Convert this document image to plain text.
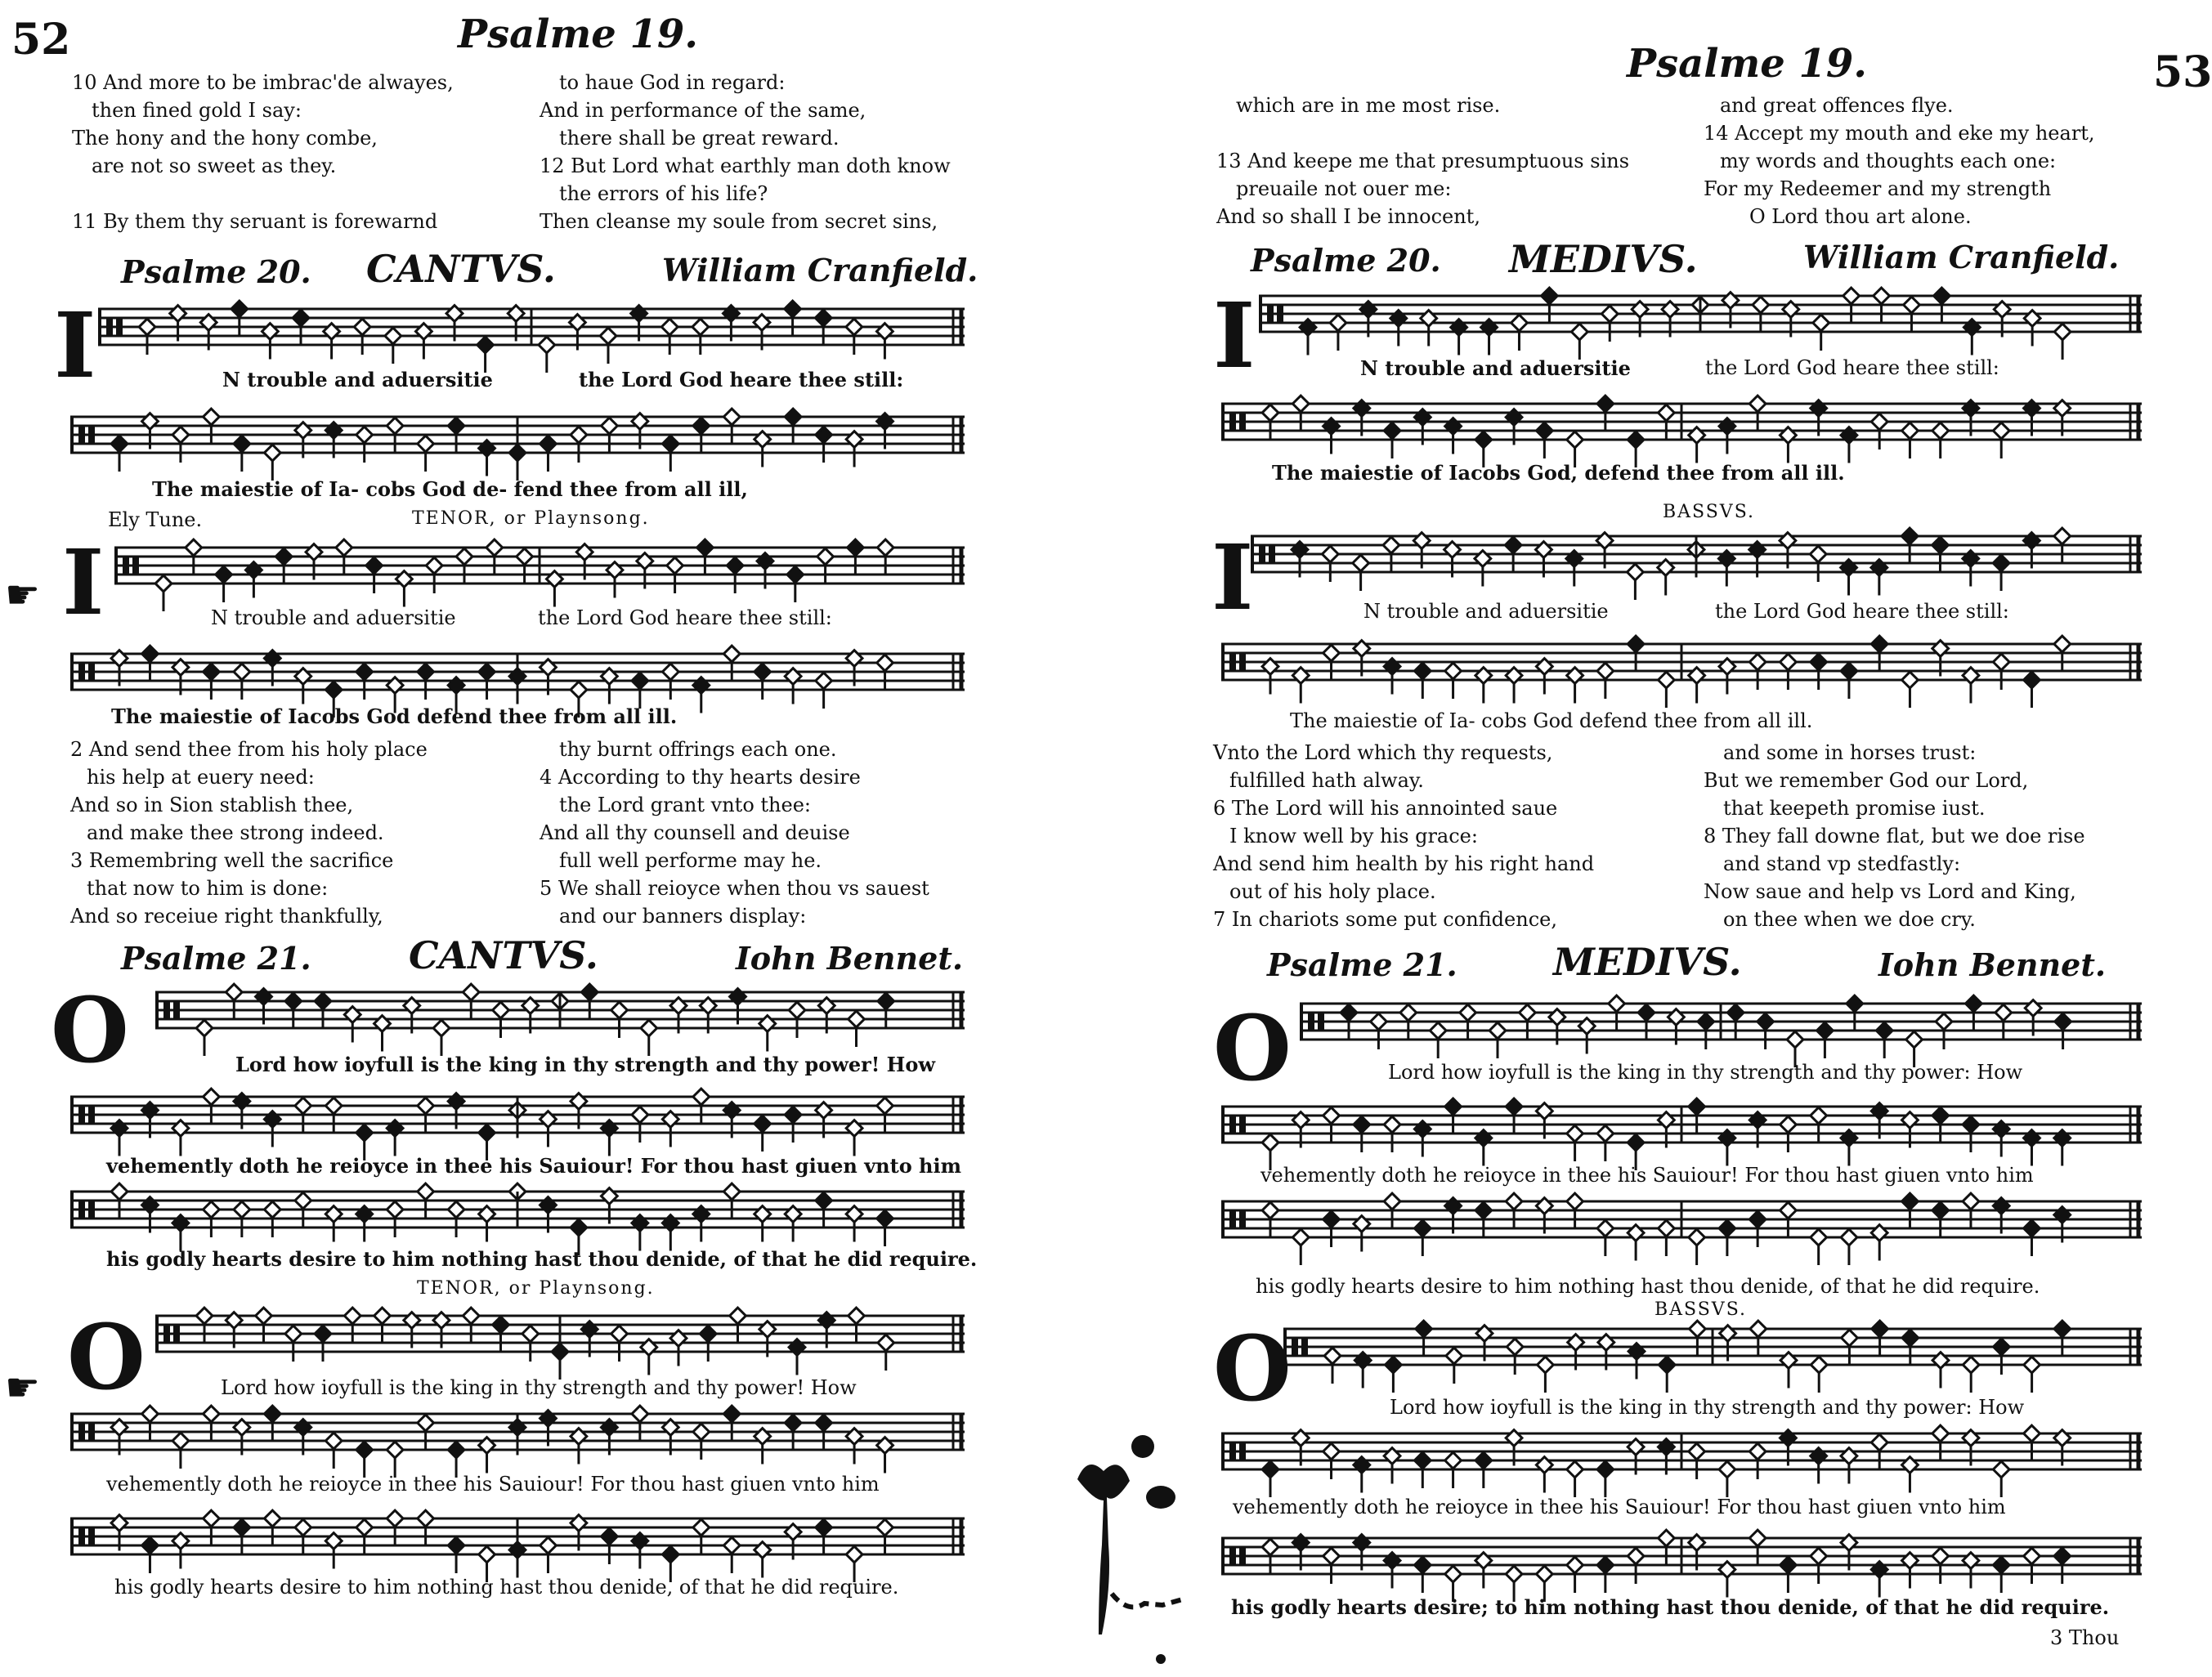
52	Psalme 19.
10 And more to be imbrac'de alwayes,
then fined gold I say:
The hony and the hony combe,
are not so sweet as they.
11 By them thy seruant is forewarnd
to haue God in regard:
And in performance of the same,
there shall be great reward.
12 But Lord what earthly man doth know
the errors of his life?
Then cleanse my soule from secret sins,
Psalme 20. CANTVS.	William Cranfield.
I	N trouble and aduersitie	the Lord God heare thee still:
The maiestie of Ia- cobs God de- fend thee from all ill,
Ely Tune.	TENOR, or Playnsong.
☛ I	N trouble and aduersitie	the Lord God heare thee still:
The maiestie of Iacobs God defend thee from all ill.
2 And send thee from his holy place
his help at euery need:
And so in Sion stablish thee,
and make thee strong indeed.
3 Remembring well the sacrifice
that now to him is done:
And so receiue right thankfully,
thy burnt offrings each one.
4 According to thy hearts desire
the Lord grant vnto thee:
And all thy counsell and deuise
full well performe may he.
5 We shall reioyce when thou vs sauest
and our banners display:
Psalme 21.	CANTVS.	Iohn Bennet.
O	Lord how ioyfull is the king in thy strength and thy power! How
vehemently doth he reioyce in thee his Sauiour! For thou hast giuen vnto him
his godly hearts desire to him nothing hast thou denide, of that he did require.
TENOR, or Playnsong.
☛ O	Lord how ioyfull is the king in thy strength and thy power! How
vehemently doth he reioyce in thee his Sauiour! For thou hast giuen vnto him
his godly hearts desire to him nothing hast thou denide, of that he did require.
53
Psalme 19.
which are in me most rise.
13 And keepe me that presumptuous sins
preuaile not ouer me:
And so shall I be innocent,
and great offences flye.
14 Accept my mouth and eke my heart,
my words and thoughts each one:
For my Redeemer and my strength
O Lord thou art alone.
Psalme 20. MEDIVS.	William Cranfield.
I	N trouble and aduersitie	the Lord God heare thee still:
The maiestie of Iacobs God, defend thee from all ill.
BASSVS.
I	N trouble and aduersitie	the Lord God heare thee still:
The maiestie of Ia- cobs God defend thee from all ill.
Vnto the Lord which thy requests,
fulfilled hath alway.
6 The Lord will his annointed saue
I know well by his grace:
And send him health by his right hand
out of his holy place.
7 In chariots some put confidence,
and some in horses trust:
But we remember God our Lord,
that keepeth promise iust.
8 They fall downe flat, but we doe rise
and stand vp stedfastly:
Now saue and help vs Lord and King,
on thee when we doe cry.
Psalme 21.	MEDIVS.	Iohn Bennet.
O	Lord how ioyfull is the king in thy strength and thy power: How
vehemently doth he reioyce in thee his Sauiour! For thou hast giuen vnto him
his godly hearts desire to him nothing hast thou denide, of that he did require.
BASSVS.
O	Lord how ioyfull is the king in thy strength and thy power: How
vehemently doth he reioyce in thee his Sauiour! For thou hast giuen vnto him
his godly hearts desire; to him nothing hast thou denide, of that he did require.
3 Thou
